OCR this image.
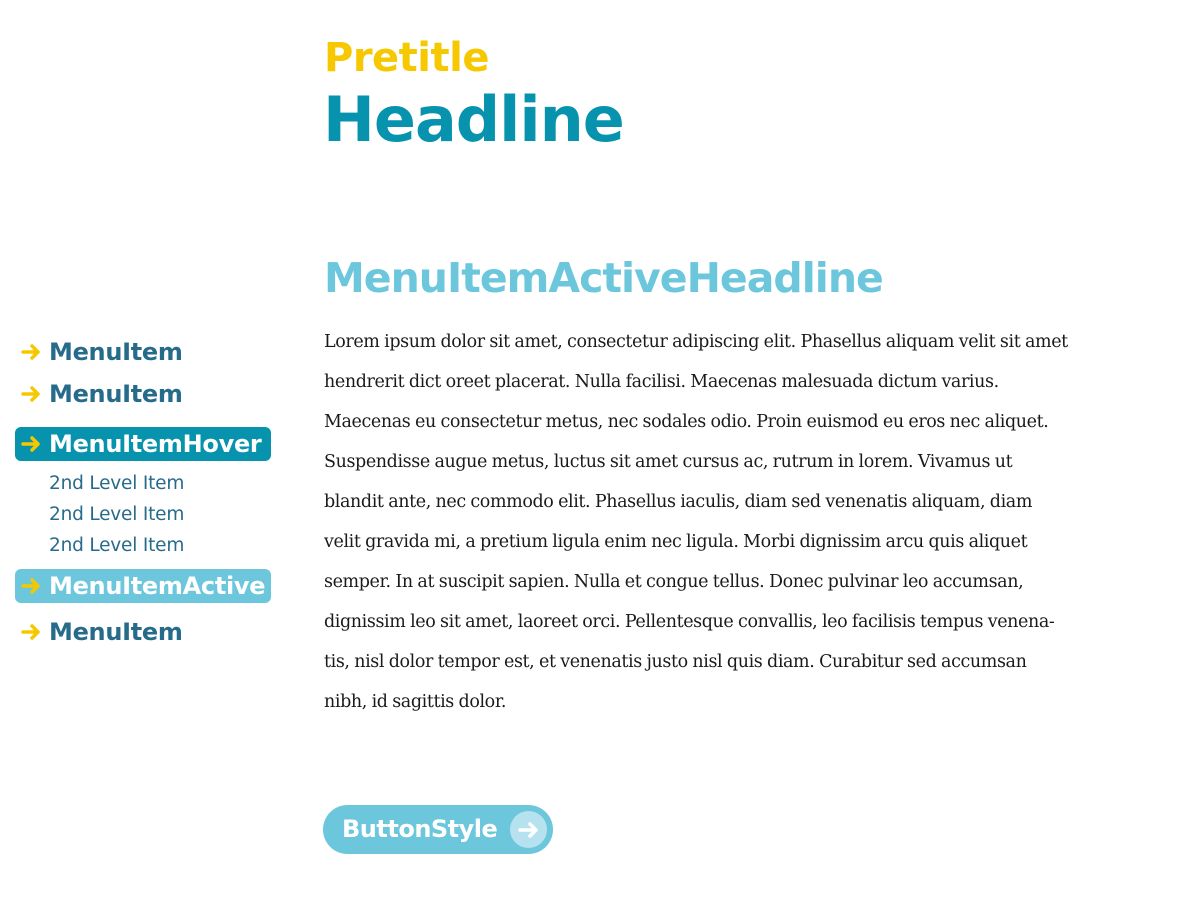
Pretitle
Headline
MenuItem
MenuItem
MenuItemHover
2nd Level Item
2nd Level Item
2nd Level Item
MenuItemActive
MenuItem
MenuItemActiveHeadline

Lorem ipsum dolor sit amet, consectetur adipiscing elit. Phasellus aliquam velit sit amet
hendrerit dict oreet placerat. Nulla facilisi. Maecenas malesuada dictum varius.
Maecenas eu consectetur metus, nec sodales odio. Proin euismod eu eros nec aliquet.
Suspendisse augue metus, luctus sit amet cursus ac, rutrum in lorem. Vivamus ut
blandit ante, nec commodo elit. Phasellus iaculis, diam sed venenatis aliquam, diam
velit gravida mi, a pretium ligula enim nec ligula. Morbi dignissim arcu quis aliquet
semper. In at suscipit sapien. Nulla et congue tellus. Donec pulvinar leo accumsan,
dignissim leo sit amet, laoreet orci. Pellentesque convallis, leo facilisis tempus venena-
tis, nisl dolor tempor est, et venenatis justo nisl quis diam. Curabitur sed accumsan
nibh, id sagittis dolor.

ButtonStyle
